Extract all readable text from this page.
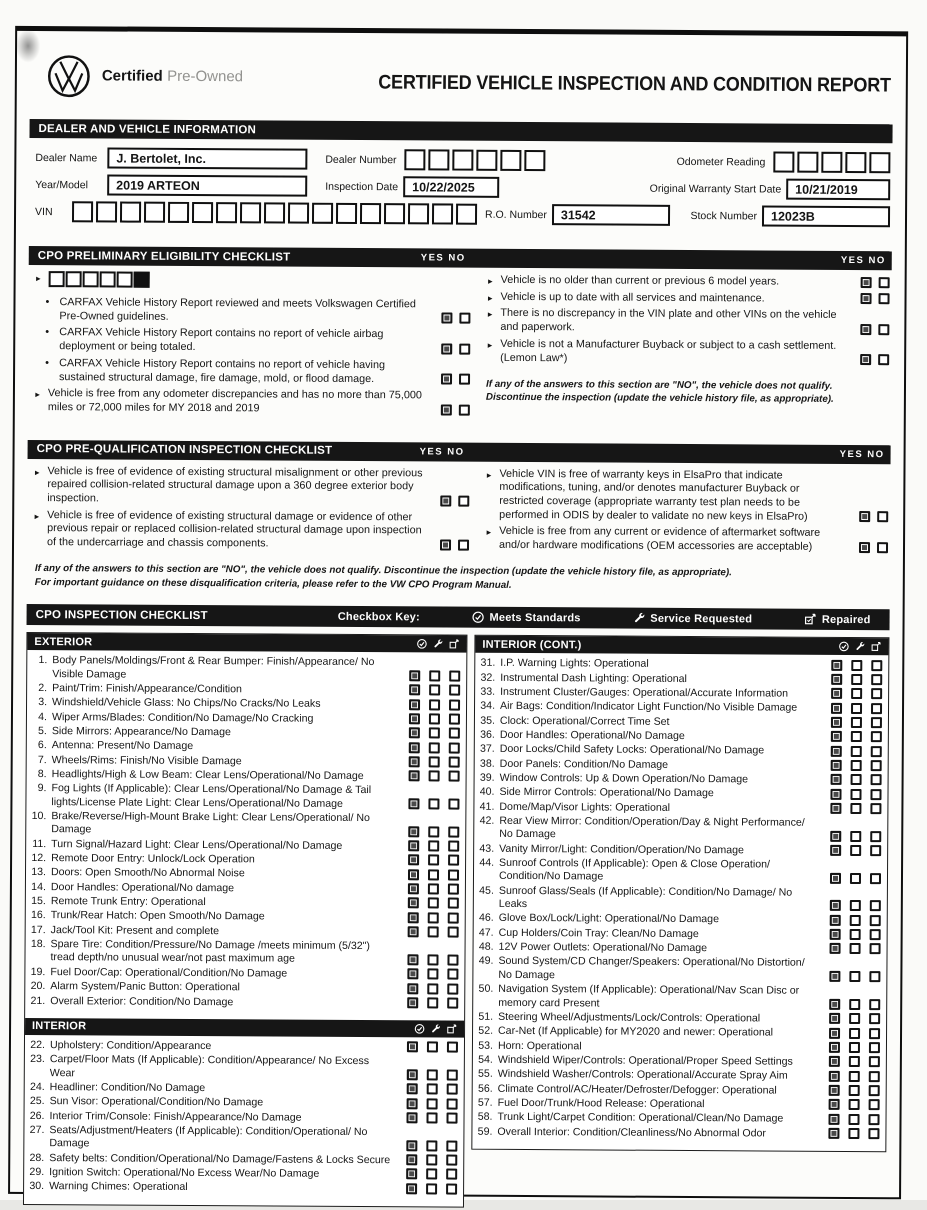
Certified Pre-Owned	CERTIFIED VEHICLE INSPECTION AND CONDITION REPORT
DEALER AND VEHICLE INFORMATION
Dealer Name	J. Bertolet, Inc.	Dealer Number	Odometer Reading
Year/Model	2019 ARTEON	Inspection Date	10/22/2025	Original Warranty Start Date	10/21/2019
VIN	R.O. Number	31542	Stock Number	12023B
CPO PRELIMINARY ELIGIBILITY CHECKLIST	YES NO	YES NO
►
• CARFAX Vehicle History Report reviewed and meets Volkswagen Certified Pre-Owned guidelines.
• CARFAX Vehicle History Report contains no report of vehicle airbag deployment or being totaled.
• CARFAX Vehicle History Report contains no report of vehicle having sustained structural damage, fire damage, mold, or flood damage.
► Vehicle is free from any odometer discrepancies and has no more than 75,000 miles or 72,000 miles for MY 2018 and 2019
► Vehicle is no older than current or previous 6 model years.
► Vehicle is up to date with all services and maintenance.
► There is no discrepancy in the VIN plate and other VINs on the vehicle and paperwork.
► Vehicle is not a Manufacturer Buyback or subject to a cash settlement. (Lemon Law*)
If any of the answers to this section are "NO", the vehicle does not qualify. Discontinue the inspection (update the vehicle history file, as appropriate).
CPO PRE-QUALIFICATION INSPECTION CHECKLIST	YES NO	YES NO
► Vehicle is free of evidence of existing structural misalignment or other previous repaired collision-related structural damage upon a 360 degree exterior body inspection.
► Vehicle is free of evidence of existing structural damage or evidence of other previous repair or replaced collision-related structural damage upon inspection of the undercarriage and chassis components.
► Vehicle VIN is free of warranty keys in ElsaPro that indicate modifications, tuning, and/or denotes manufacturer Buyback or restricted coverage (appropriate warranty test plan needs to be performed in ODIS by dealer to validate no new keys in ElsaPro)
► Vehicle is free from any current or evidence of aftermarket software and/or hardware modifications (OEM accessories are acceptable)
If any of the answers to this section are "NO", the vehicle does not qualify. Discontinue the inspection (update the vehicle history file, as appropriate).
For important guidance on these disqualification criteria, please refer to the VW CPO Program Manual.
CPO INSPECTION CHECKLIST	Checkbox Key:	Meets Standards	Service Requested	Repaired
EXTERIOR
1. Body Panels/Moldings/Front & Rear Bumper: Finish/Appearance/ No Visible Damage
2. Paint/Trim: Finish/Appearance/Condition
3. Windshield/Vehicle Glass: No Chips/No Cracks/No Leaks
4. Wiper Arms/Blades: Condition/No Damage/No Cracking
5. Side Mirrors: Appearance/No Damage
6. Antenna: Present/No Damage
7. Wheels/Rims: Finish/No Visible Damage
8. Headlights/High & Low Beam: Clear Lens/Operational/No Damage
9. Fog Lights (If Applicable): Clear Lens/Operational/No Damage & Tail lights/License Plate Light: Clear Lens/Operational/No Damage
10. Brake/Reverse/High-Mount Brake Light: Clear Lens/Operational/ No Damage
11. Turn Signal/Hazard Light: Clear Lens/Operational/No Damage
12. Remote Door Entry: Unlock/Lock Operation
13. Doors: Open Smooth/No Abnormal Noise
14. Door Handles: Operational/No damage
15. Remote Trunk Entry: Operational
16. Trunk/Rear Hatch: Open Smooth/No Damage
17. Jack/Tool Kit: Present and complete
18. Spare Tire: Condition/Pressure/No Damage /meets minimum (5/32") tread depth/no unusual wear/not past maximum age
19. Fuel Door/Cap: Operational/Condition/No Damage
20. Alarm System/Panic Button: Operational
21. Overall Exterior: Condition/No Damage
INTERIOR
22. Upholstery: Condition/Appearance
23. Carpet/Floor Mats (If Applicable): Condition/Appearance/ No Excess Wear
24. Headliner: Condition/No Damage
25. Sun Visor: Operational/Condition/No Damage
26. Interior Trim/Console: Finish/Appearance/No Damage
27. Seats/Adjustment/Heaters (If Applicable): Condition/Operational/ No Damage
28. Safety belts: Condition/Operational/No Damage/Fastens & Locks Secure
29. Ignition Switch: Operational/No Excess Wear/No Damage
30. Warning Chimes: Operational
INTERIOR (CONT.)
31. I.P. Warning Lights: Operational
32. Instrumental Dash Lighting: Operational
33. Instrument Cluster/Gauges: Operational/Accurate Information
34. Air Bags: Condition/Indicator Light Function/No Visible Damage
35. Clock: Operational/Correct Time Set
36. Door Handles: Operational/No Damage
37. Door Locks/Child Safety Locks: Operational/No Damage
38. Door Panels: Condition/No Damage
39. Window Controls: Up & Down Operation/No Damage
40. Side Mirror Controls: Operational/No Damage
41. Dome/Map/Visor Lights: Operational
42. Rear View Mirror: Condition/Operation/Day & Night Performance/ No Damage
43. Vanity Mirror/Light: Condition/Operation/No Damage
44. Sunroof Controls (If Applicable): Open & Close Operation/ Condition/No Damage
45. Sunroof Glass/Seals (If Applicable): Condition/No Damage/ No Leaks
46. Glove Box/Lock/Light: Operational/No Damage
47. Cup Holders/Coin Tray: Clean/No Damage
48. 12V Power Outlets: Operational/No Damage
49. Sound System/CD Changer/Speakers: Operational/No Distortion/ No Damage
50. Navigation System (If Applicable): Operational/Nav Scan Disc or memory card Present
51. Steering Wheel/Adjustments/Lock/Controls: Operational
52. Car-Net (If Applicable) for MY2020 and newer: Operational
53. Horn: Operational
54. Windshield Wiper/Controls: Operational/Proper Speed Settings
55. Windshield Washer/Controls: Operational/Accurate Spray Aim
56. Climate Control/AC/Heater/Defroster/Defogger: Operational
57. Fuel Door/Trunk/Hood Release: Operational
58. Trunk Light/Carpet Condition: Operational/Clean/No Damage
59. Overall Interior: Condition/Cleanliness/No Abnormal Odor
